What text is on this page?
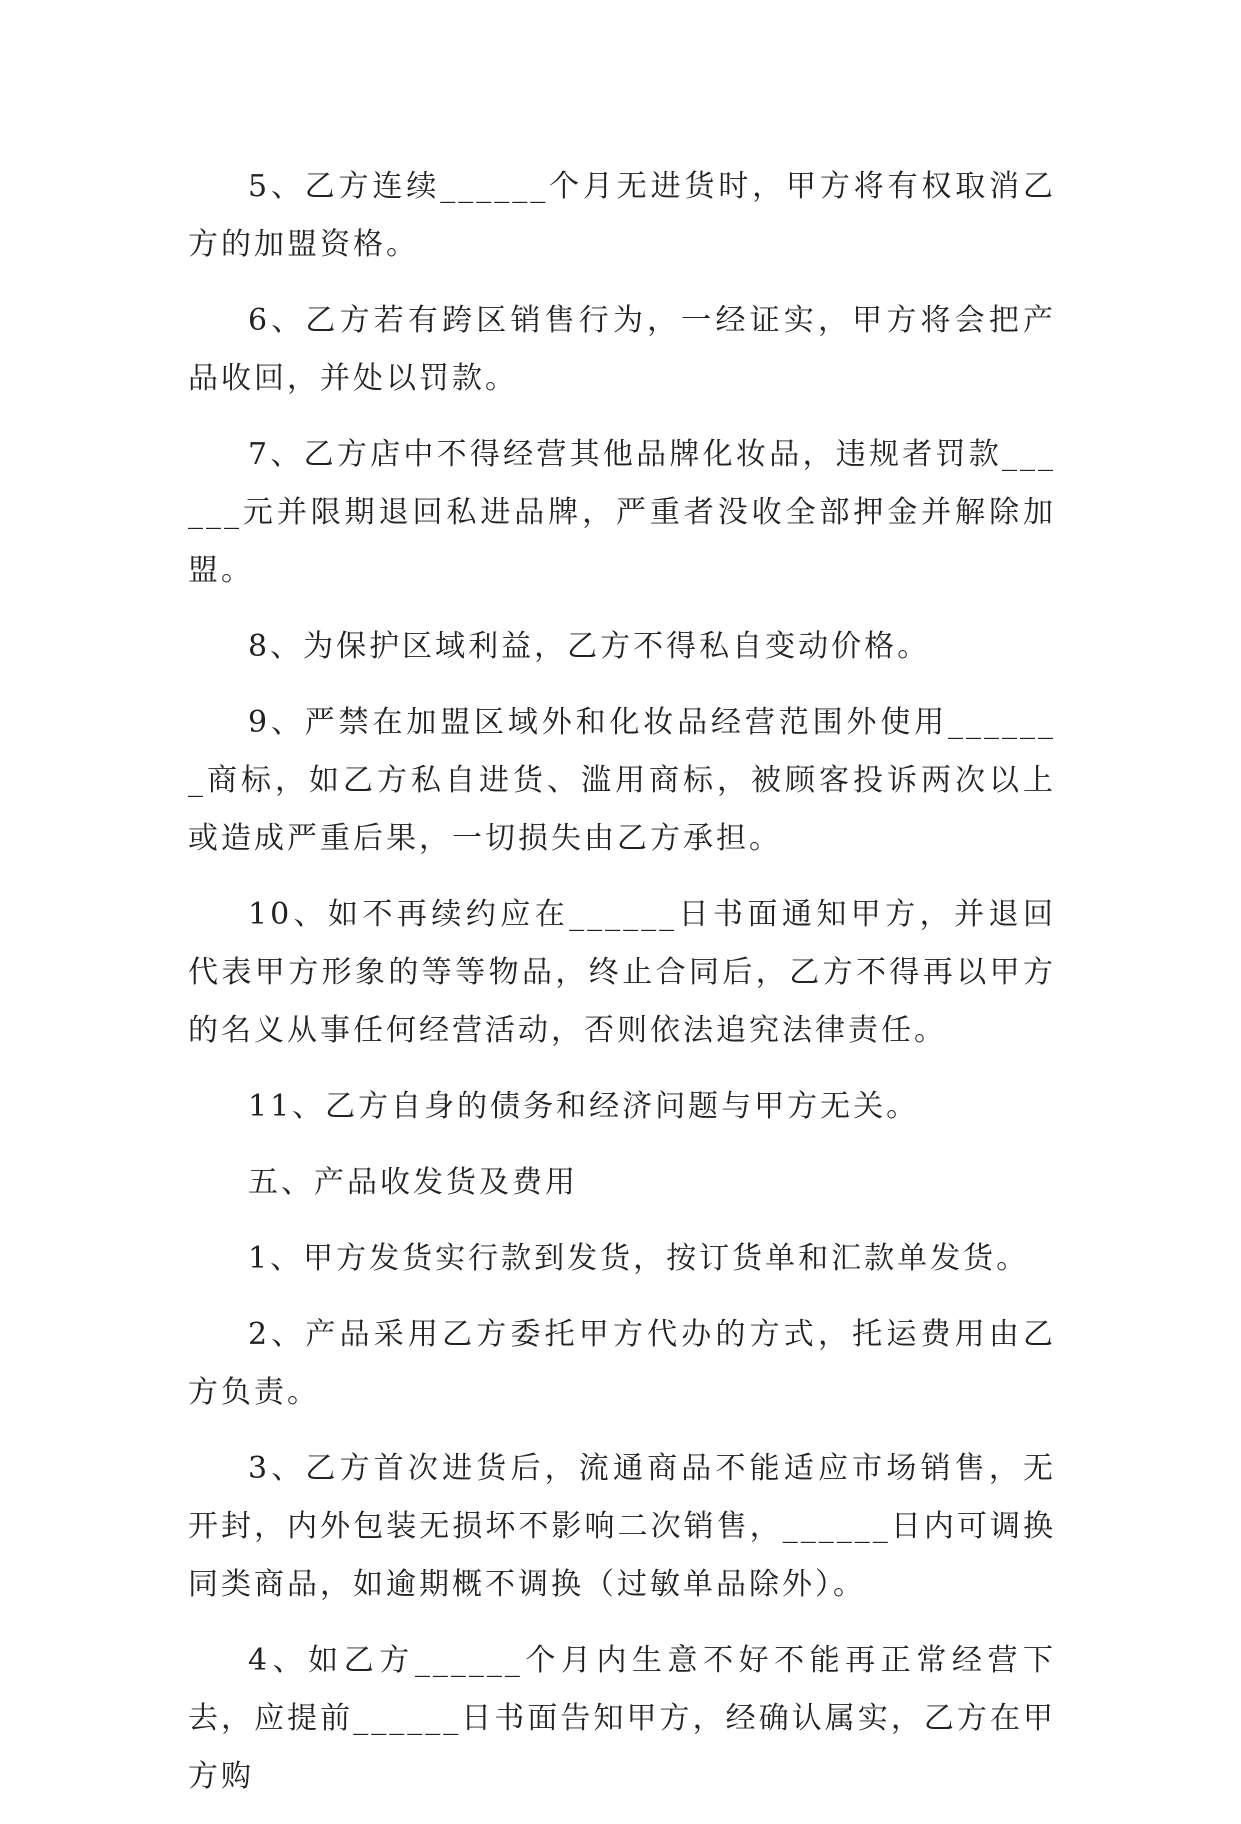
5、乙方连续______个月无进货时，甲方将有权取消乙方的加盟资格。

6、乙方若有跨区销售行为，一经证实，甲方将会把产品收回，并处以罚款。

7、乙方店中不得经营其他品牌化妆品，违规者罚款______元并限期退回私进品牌，严重者没收全部押金并解除加盟。

8、为保护区域利益，乙方不得私自变动价格。

9、严禁在加盟区域外和化妆品经营范围外使用_______商标，如乙方私自进货、滥用商标，被顾客投诉两次以上或造成严重后果，一切损失由乙方承担。

10、如不再续约应在______日书面通知甲方，并退回代表甲方形象的等等物品，终止合同后，乙方不得再以甲方的名义从事任何经营活动，否则依法追究法律责任。

11、乙方自身的债务和经济问题与甲方无关。

五、产品收发货及费用

1、甲方发货实行款到发货，按订货单和汇款单发货。

2、产品采用乙方委托甲方代办的方式，托运费用由乙方负责。

3、乙方首次进货后，流通商品不能适应市场销售，无开封，内外包装无损坏不影响二次销售，______日内可调换同类商品，如逾期概不调换（过敏单品除外）。

4、如乙方______个月内生意不好不能再正常经营下去，应提前______日书面告知甲方，经确认属实，乙方在甲方购
